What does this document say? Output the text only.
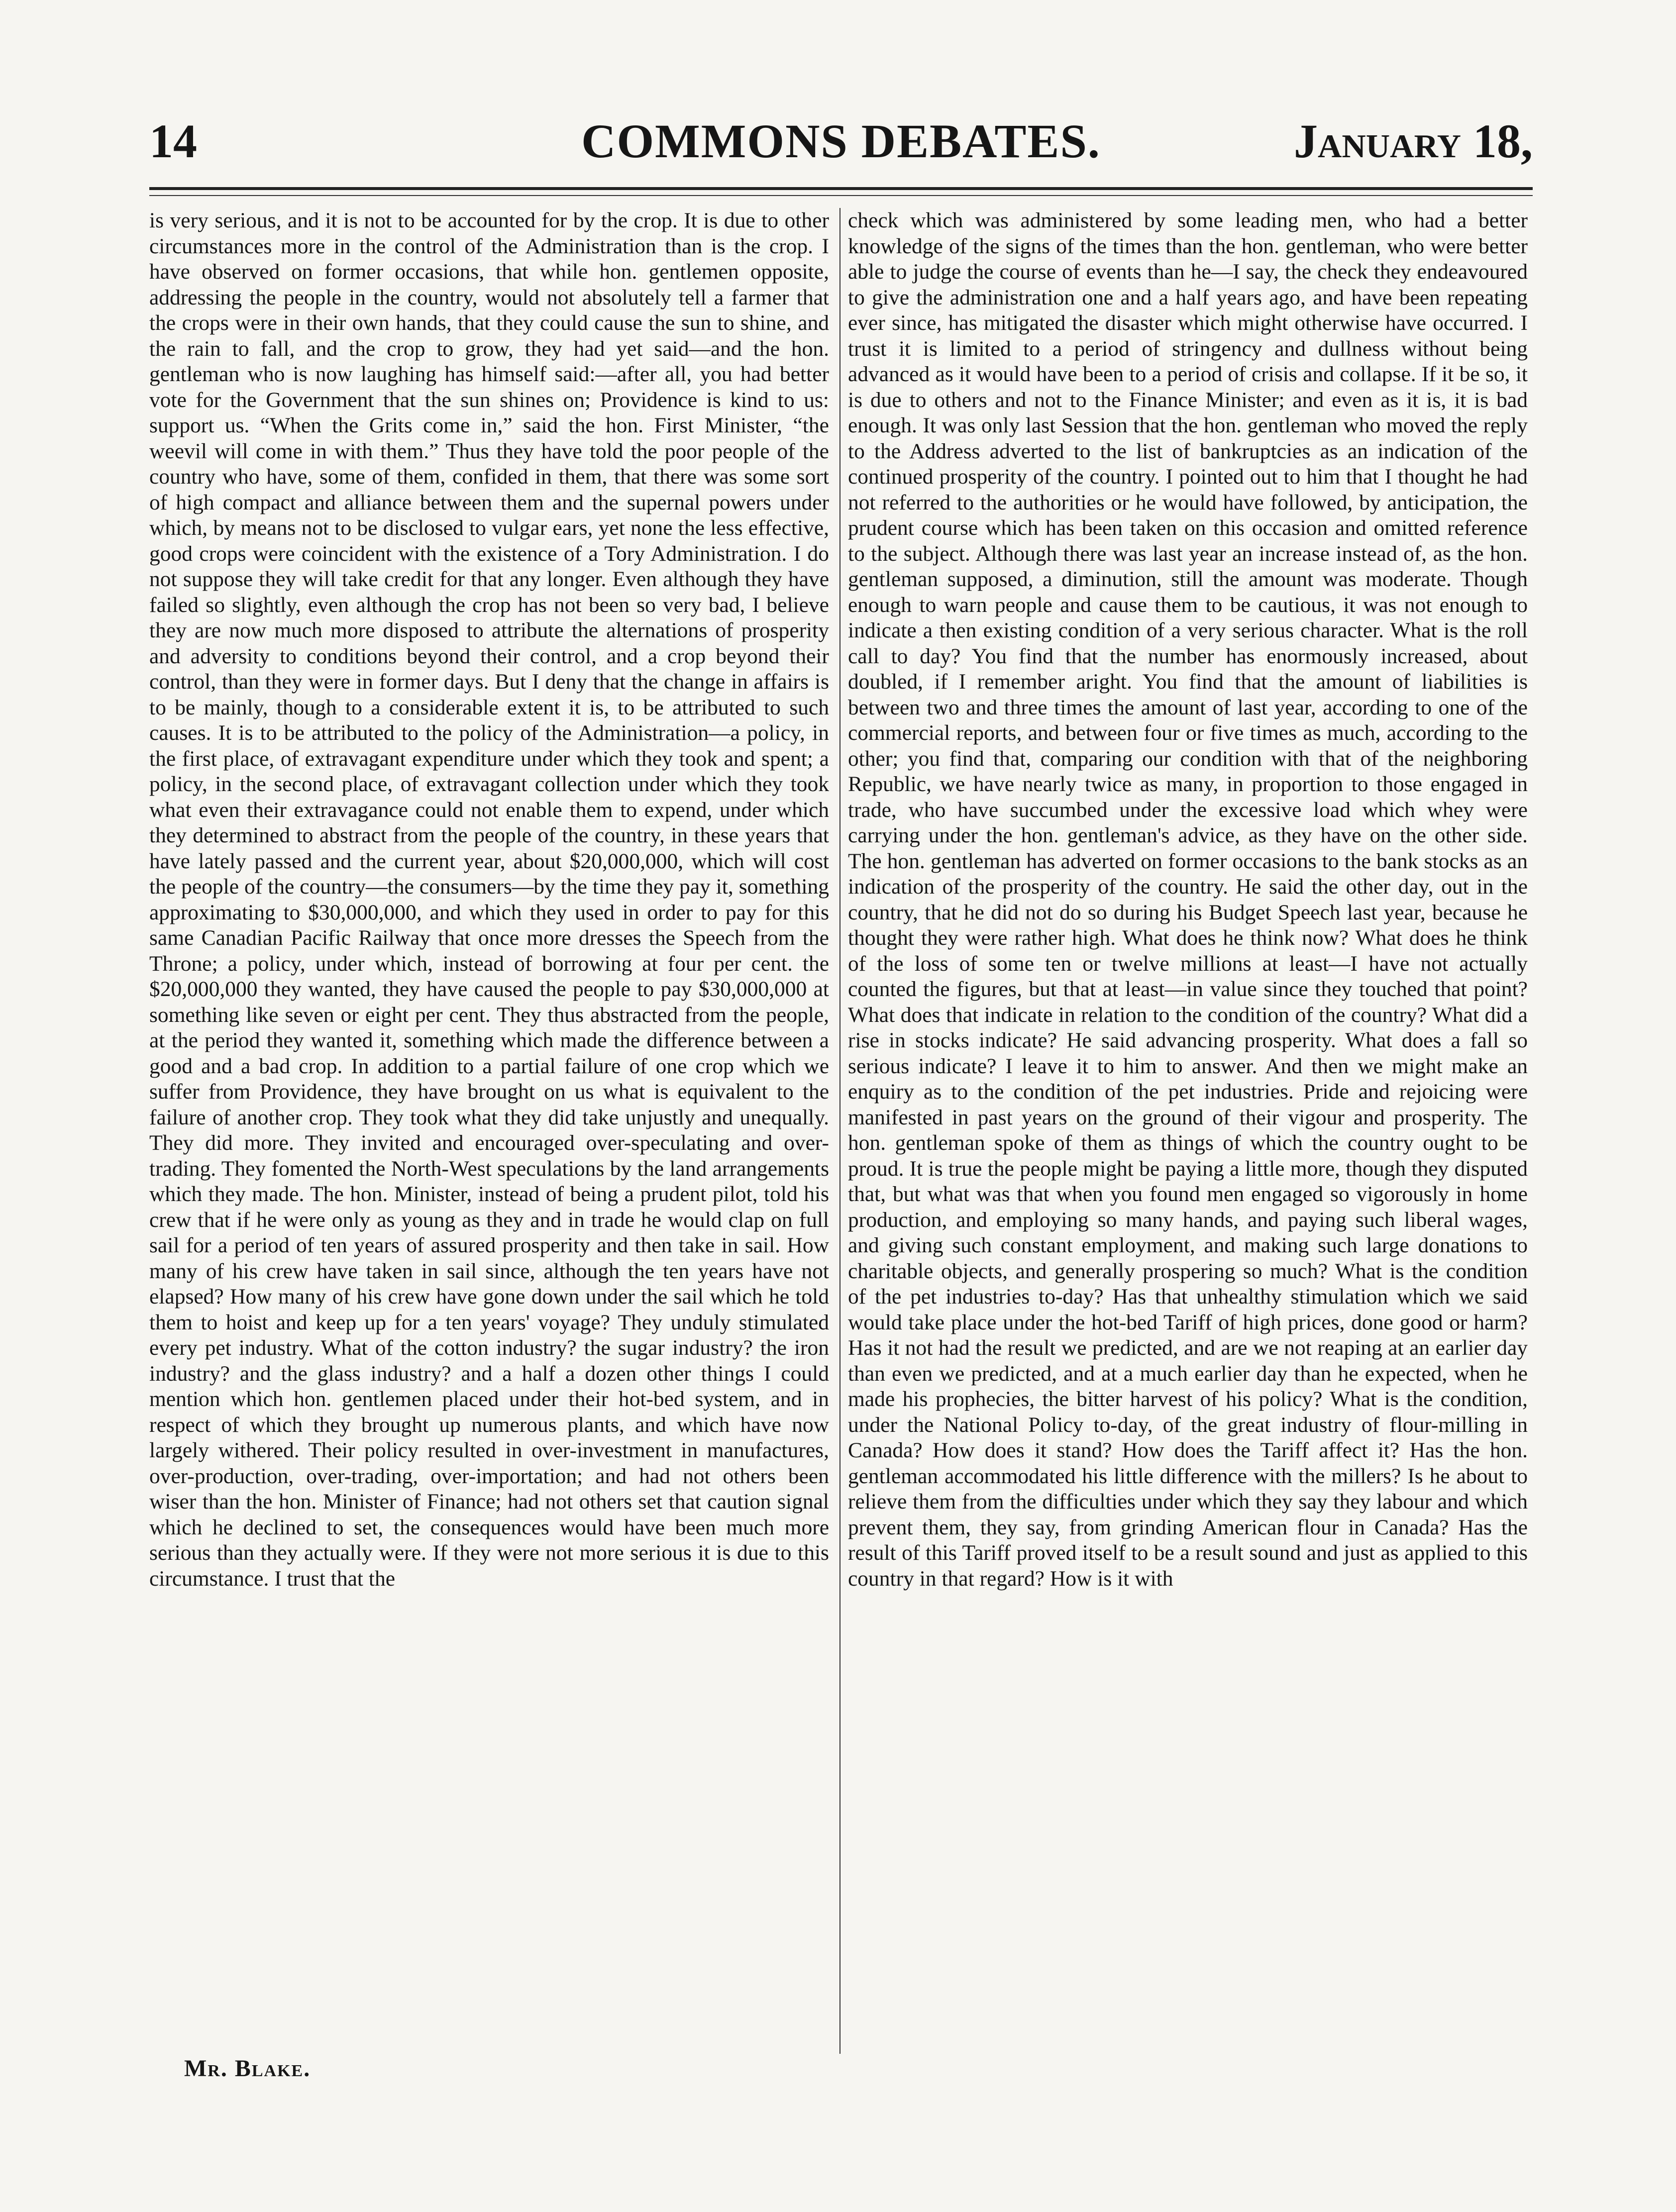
14	COMMONS DEBATES.	January 18,

is very serious, and it is not to be accounted for by the crop. It is due to other circumstances more in the control of the Administration than is the crop. I have observed on former occasions, that while hon. gentlemen opposite, addressing the people in the country, would not absolutely tell a farmer that the crops were in their own hands, that they could cause the sun to shine, and the rain to fall, and the crop to grow, they had yet said—and the hon. gentleman who is now laughing has himself said:—after all, you had better vote for the Government that the sun shines on; Providence is kind to us: support us. “When the Grits come in,” said the hon. First Minister, “the weevil will come in with them.” Thus they have told the poor people of the country who have, some of them, confided in them, that there was some sort of high compact and alliance between them and the supernal powers under which, by means not to be disclosed to vulgar ears, yet none the less effective, good crops were coincident with the existence of a Tory Administration. I do not suppose they will take credit for that any longer. Even although they have failed so slightly, even although the crop has not been so very bad, I believe they are now much more disposed to attribute the alternations of prosperity and adversity to conditions beyond their control, and a crop beyond their control, than they were in former days. But I deny that the change in affairs is to be mainly, though to a considerable extent it is, to be attributed to such causes. It is to be attributed to the policy of the Administration—a policy, in the first place, of extravagant expenditure under which they took and spent; a policy, in the second place, of extravagant collection under which they took what even their extravagance could not enable them to expend, under which they determined to abstract from the people of the country, in these years that have lately passed and the current year, about $20,000,000, which will cost the people of the country—the consumers—by the time they pay it, something approximating to $30,000,000, and which they used in order to pay for this same Canadian Pacific Railway that once more dresses the Speech from the Throne; a policy, under which, instead of borrowing at four per cent. the $20,000,000 they wanted, they have caused the people to pay $30,000,000 at something like seven or eight per cent. They thus abstracted from the people, at the period they wanted it, something which made the difference between a good and a bad crop. In addition to a partial failure of one crop which we suffer from Providence, they have brought on us what is equivalent to the failure of another crop. They took what they did take unjustly and unequally. They did more. They invited and encouraged over-speculating and over-trading. They fomented the North-West speculations by the land arrangements which they made. The hon. Minister, instead of being a prudent pilot, told his crew that if he were only as young as they and in trade he would clap on full sail for a period of ten years of assured prosperity and then take in sail. How many of his crew have taken in sail since, although the ten years have not elapsed? How many of his crew have gone down under the sail which he told them to hoist and keep up for a ten years' voyage? They unduly stimulated every pet industry. What of the cotton industry? the sugar industry? the iron industry? and the glass industry? and a half a dozen other things I could mention which hon. gentlemen placed under their hot-bed system, and in respect of which they brought up numerous plants, and which have now largely withered. Their policy resulted in over-investment in manufactures, over-production, over-trading, over-importation; and had not others been wiser than the hon. Minister of Finance; had not others set that caution signal which he declined to set, the consequences would have been much more serious than they actually were. If they were not more serious it is due to this circumstance. I trust that the

check which was administered by some leading men, who had a better knowledge of the signs of the times than the hon. gentleman, who were better able to judge the course of events than he—I say, the check they endeavoured to give the administration one and a half years ago, and have been repeating ever since, has mitigated the disaster which might otherwise have occurred. I trust it is limited to a period of stringency and dullness without being advanced as it would have been to a period of crisis and collapse. If it be so, it is due to others and not to the Finance Minister; and even as it is, it is bad enough. It was only last Session that the hon. gentleman who moved the reply to the Address adverted to the list of bankruptcies as an indication of the continued prosperity of the country. I pointed out to him that I thought he had not referred to the authorities or he would have followed, by anticipation, the prudent course which has been taken on this occasion and omitted reference to the subject. Although there was last year an increase instead of, as the hon. gentleman supposed, a diminution, still the amount was moderate. Though enough to warn people and cause them to be cautious, it was not enough to indicate a then existing condition of a very serious character. What is the roll call to day? You find that the number has enormously increased, about doubled, if I remember aright. You find that the amount of liabilities is between two and three times the amount of last year, according to one of the commercial reports, and between four or five times as much, according to the other; you find that, comparing our condition with that of the neighboring Republic, we have nearly twice as many, in proportion to those engaged in trade, who have succumbed under the excessive load which whey were carrying under the hon. gentleman's advice, as they have on the other side. The hon. gentleman has adverted on former occasions to the bank stocks as an indication of the prosperity of the country. He said the other day, out in the country, that he did not do so during his Budget Speech last year, because he thought they were rather high. What does he think now? What does he think of the loss of some ten or twelve millions at least—I have not actually counted the figures, but that at least—in value since they touched that point? What does that indicate in relation to the condition of the country? What did a rise in stocks indicate? He said advancing prosperity. What does a fall so serious indicate? I leave it to him to answer. And then we might make an enquiry as to the condition of the pet industries. Pride and rejoicing were manifested in past years on the ground of their vigour and prosperity. The hon. gentleman spoke of them as things of which the country ought to be proud. It is true the people might be paying a little more, though they disputed that, but what was that when you found men engaged so vigorously in home production, and employing so many hands, and paying such liberal wages, and giving such constant employment, and making such large donations to charitable objects, and generally prospering so much? What is the condition of the pet industries to-day? Has that unhealthy stimulation which we said would take place under the hot-bed Tariff of high prices, done good or harm? Has it not had the result we predicted, and are we not reaping at an earlier day than even we predicted, and at a much earlier day than he expected, when he made his prophecies, the bitter harvest of his policy? What is the condition, under the National Policy to-day, of the great industry of flour-milling in Canada? How does it stand? How does the Tariff affect it? Has the hon. gentleman accommodated his little difference with the millers? Is he about to relieve them from the difficulties under which they say they labour and which prevent them, they say, from grinding American flour in Canada? Has the result of this Tariff proved itself to be a result sound and just as applied to this country in that regard? How is it with

Mr. Blake.
